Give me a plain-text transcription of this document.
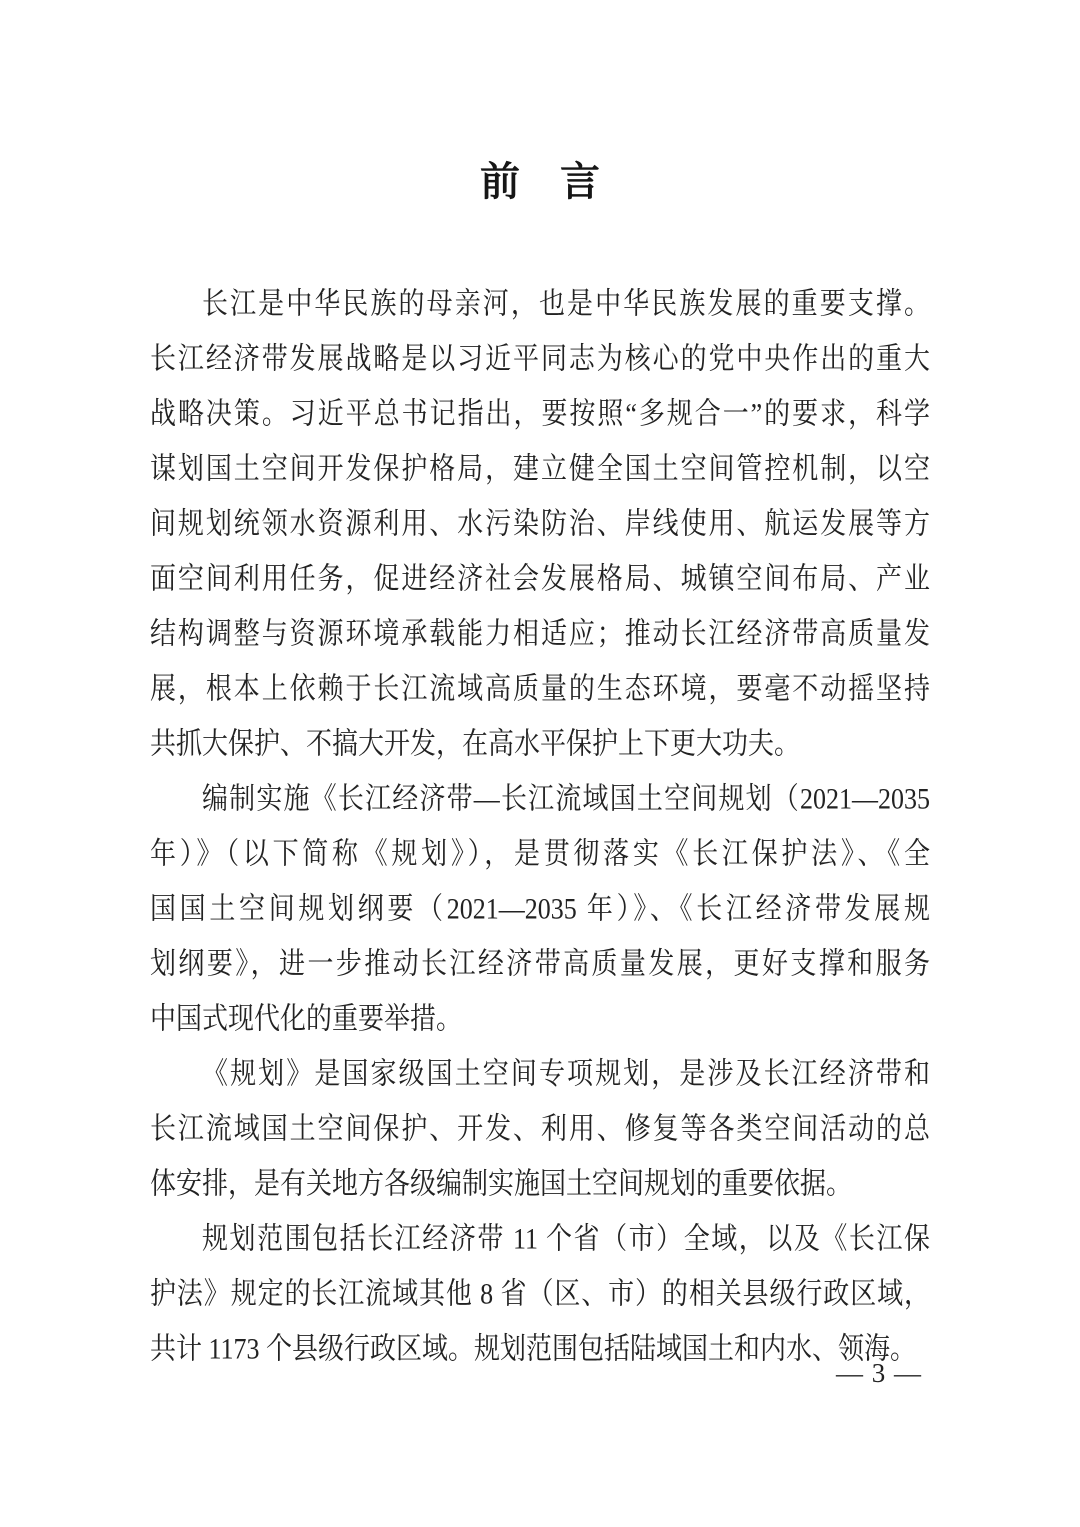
前　言
长江是中华民族的母亲河，也是中华民族发展的重要支撑。
长江经济带发展战略是以习近平同志为核心的党中央作出的重大
战略决策。习近平总书记指出，要按照“多规合一”的要求，科学
谋划国土空间开发保护格局，建立健全国土空间管控机制，以空
间规划统领水资源利用、水污染防治、岸线使用、航运发展等方
面空间利用任务，促进经济社会发展格局、城镇空间布局、产业
结构调整与资源环境承载能力相适应；推动长江经济带高质量发
展，根本上依赖于长江流域高质量的生态环境，要毫不动摇坚持
共抓大保护、不搞大开发，在高水平保护上下更大功夫。
编制实施《长江经济带—长江流域国土空间规划（2021—2035
年）》（以下简称《规划》），是贯彻落实《长江保护法》、《全
国国土空间规划纲要（2021—2035 年）》、《长江经济带发展规
划纲要》，进一步推动长江经济带高质量发展，更好支撑和服务
中国式现代化的重要举措。
《规划》是国家级国土空间专项规划，是涉及长江经济带和
长江流域国土空间保护、开发、利用、修复等各类空间活动的总
体安排，是有关地方各级编制实施国土空间规划的重要依据。
规划范围包括长江经济带 11 个省（市）全域，以及《长江保
护法》规定的长江流域其他 8 省（区、市）的相关县级行政区域，
共计 1173 个县级行政区域。规划范围包括陆域国土和内水、领海。
— 3 —
